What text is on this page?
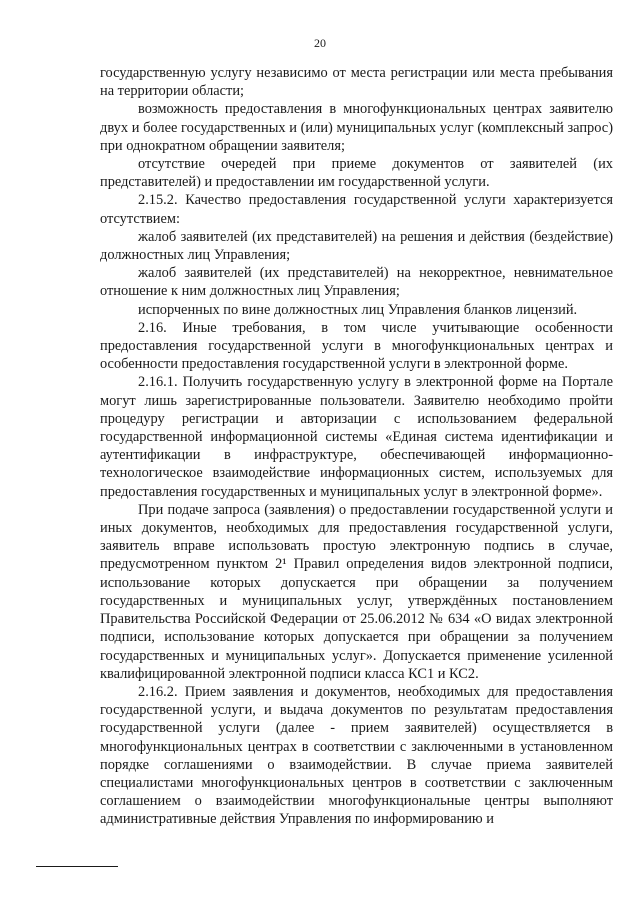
20

государственную услугу независимо от места регистрации или места пребывания на территории области;

возможность предоставления в многофункциональных центрах заявителю двух и более государственных и (или) муниципальных услуг (комплексный запрос) при однократном обращении заявителя;

отсутствие очередей при приеме документов от заявителей (их представителей) и предоставлении им государственной услуги.

2.15.2. Качество предоставления государственной услуги характеризуется отсутствием:

жалоб заявителей (их представителей) на решения и действия (бездействие) должностных лиц Управления;

жалоб заявителей (их представителей) на некорректное, невнимательное отношение к ним должностных лиц Управления;

испорченных по вине должностных лиц Управления бланков лицензий.

2.16. Иные требования, в том числе учитывающие особенности предоставления государственной услуги в многофункциональных центрах и особенности предоставления государственной услуги в электронной форме.

2.16.1. Получить государственную услугу в электронной форме на Портале могут лишь зарегистрированные пользователи. Заявителю необходимо пройти процедуру регистрации и авторизации с использованием федеральной государственной информационной системы «Единая система идентификации и аутентификации в инфраструктуре, обеспечивающей информационно-технологическое взаимодействие информационных систем, используемых для предоставления государственных и муниципальных услуг в электронной форме».

При подаче запроса (заявления) о предоставлении государственной услуги и иных документов, необходимых для предоставления государственной услуги, заявитель вправе использовать простую электронную подпись в случае, предусмотренном пунктом 2¹ Правил определения видов электронной подписи, использование которых допускается при обращении за получением государственных и муниципальных услуг, утверждённых постановлением Правительства Российской Федерации от 25.06.2012 № 634 «О видах электронной подписи, использование которых допускается при обращении за получением государственных и муниципальных услуг». Допускается применение усиленной квалифицированной электронной подписи класса КС1 и КС2.

2.16.2. Прием заявления и документов, необходимых для предоставления государственной услуги, и выдача документов по результатам предоставления государственной услуги (далее - прием заявителей) осуществляется в многофункциональных центрах в соответствии с заключенными в установленном порядке соглашениями о взаимодействии. В случае приема заявителей специалистами многофункциональных центров в соответствии с заключенным соглашением о взаимодействии многофункциональные центры выполняют административные действия Управления по информированию и
